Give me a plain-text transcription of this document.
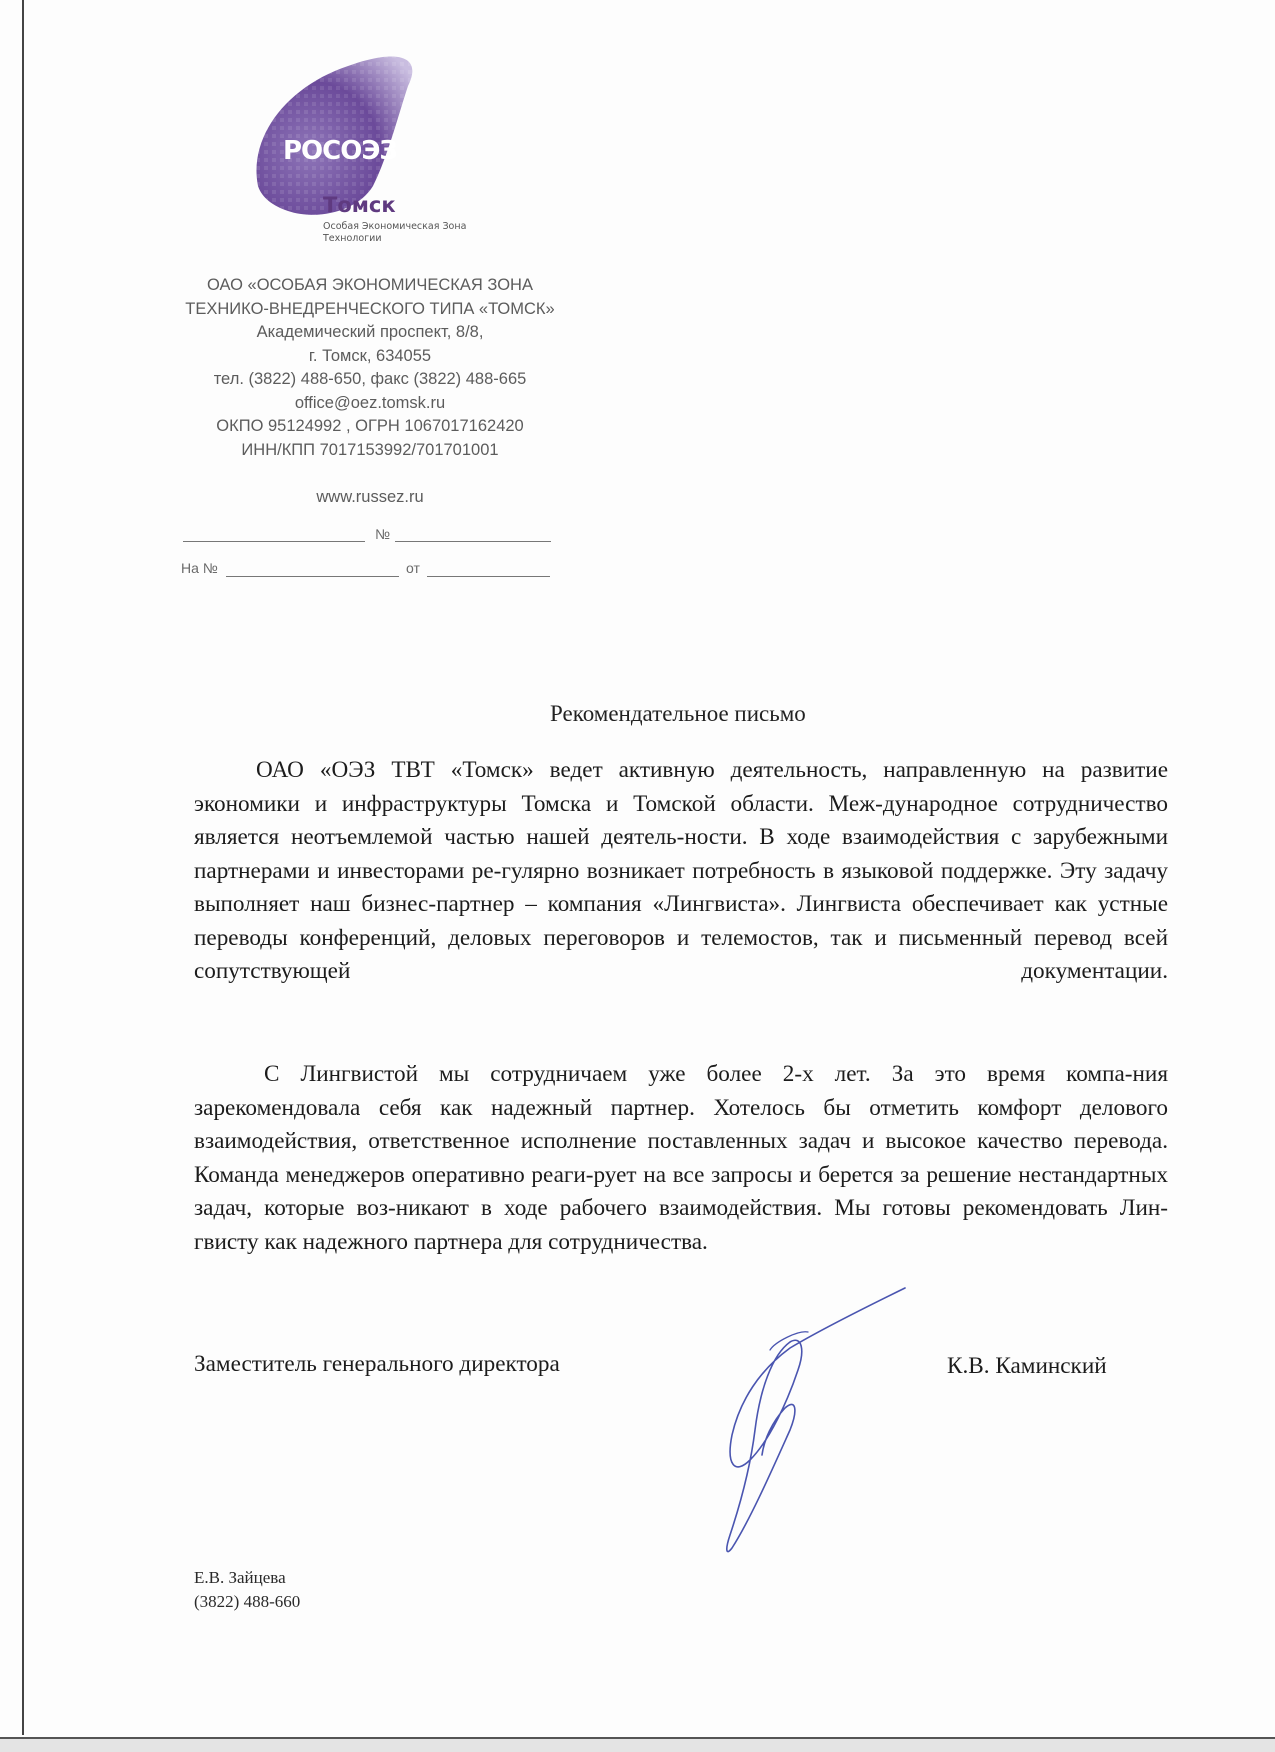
РОСОЭЗ
Томск
Особая Экономическая Зона
Технологии
ОАО «ОСОБАЯ ЭКОНОМИЧЕСКАЯ ЗОНА
ТЕХНИКО-ВНЕДРЕНЧЕСКОГО ТИПА «ТОМСК»
Академический проспект, 8/8,
г. Томск, 634055
тел. (3822) 488-650, факс (3822) 488-665
office@oez.tomsk.ru
ОКПО 95124992 , ОГРН 1067017162420
ИНН/КПП 7017153992/701701001
www.russez.ru
№
На №	от
Рекомендательное письмо
ОАО «ОЭЗ ТВТ «Томск» ведет активную деятельность, направленную на развитие экономики и инфраструктуры Томска и Томской области. Меж-дународное сотрудничество является неотъемлемой частью нашей деятель-ности. В ходе взаимодействия с зарубежными партнерами и инвесторами ре-гулярно возникает потребность в языковой поддержке. Эту задачу выполняет наш бизнес-партнер – компания «Лингвиста». Лингвиста обеспечивает как устные переводы конференций, деловых переговоров и телемостов, так и письменный перевод всей сопутствующей документации.
С Лингвистой мы сотрудничаем уже более 2-х лет. За это время компа-ния зарекомендовала себя как надежный партнер. Хотелось бы отметить комфорт делового взаимодействия, ответственное исполнение поставленных задач и высокое качество перевода. Команда менеджеров оперативно реаги-рует на все запросы и берется за решение нестандартных задач, которые воз-никают в ходе рабочего взаимодействия. Мы готовы рекомендовать Лин-гвисту как надежного партнера для сотрудничества.
Заместитель генерального директора	К.В. Каминский
Е.В. Зайцева
(3822) 488-660
